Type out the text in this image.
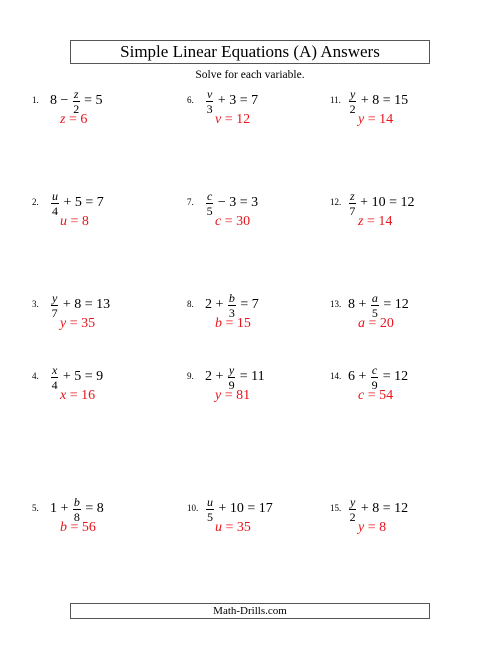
Simple Linear Equations (A) Answers
Solve for each variable.
1. $8 - \frac{z}{2} = 5$
z = 6
2. $\frac{u}{4} + 5 = 7$
u = 8
3. $\frac{y}{7} + 8 = 13$
y = 35
4. $\frac{x}{4} + 5 = 9$
x = 16
5. $1 + \frac{b}{8} = 8$
b = 56
6. $\frac{v}{3} + 3 = 7$
v = 12
7. $\frac{c}{5} - 3 = 3$
c = 30
8. $2 + \frac{b}{3} = 7$
b = 15
9. $2 + \frac{y}{9} = 11$
y = 81
10. $\frac{u}{5} + 10 = 17$
u = 35
11. $\frac{y}{2} + 8 = 15$
y = 14
12. $\frac{z}{7} + 10 = 12$
z = 14
13. $8 + \frac{a}{5} = 12$
a = 20
14. $6 + \frac{c}{9} = 12$
c = 54
15. $\frac{y}{2} + 8 = 12$
y = 8
Math-Drills.com
